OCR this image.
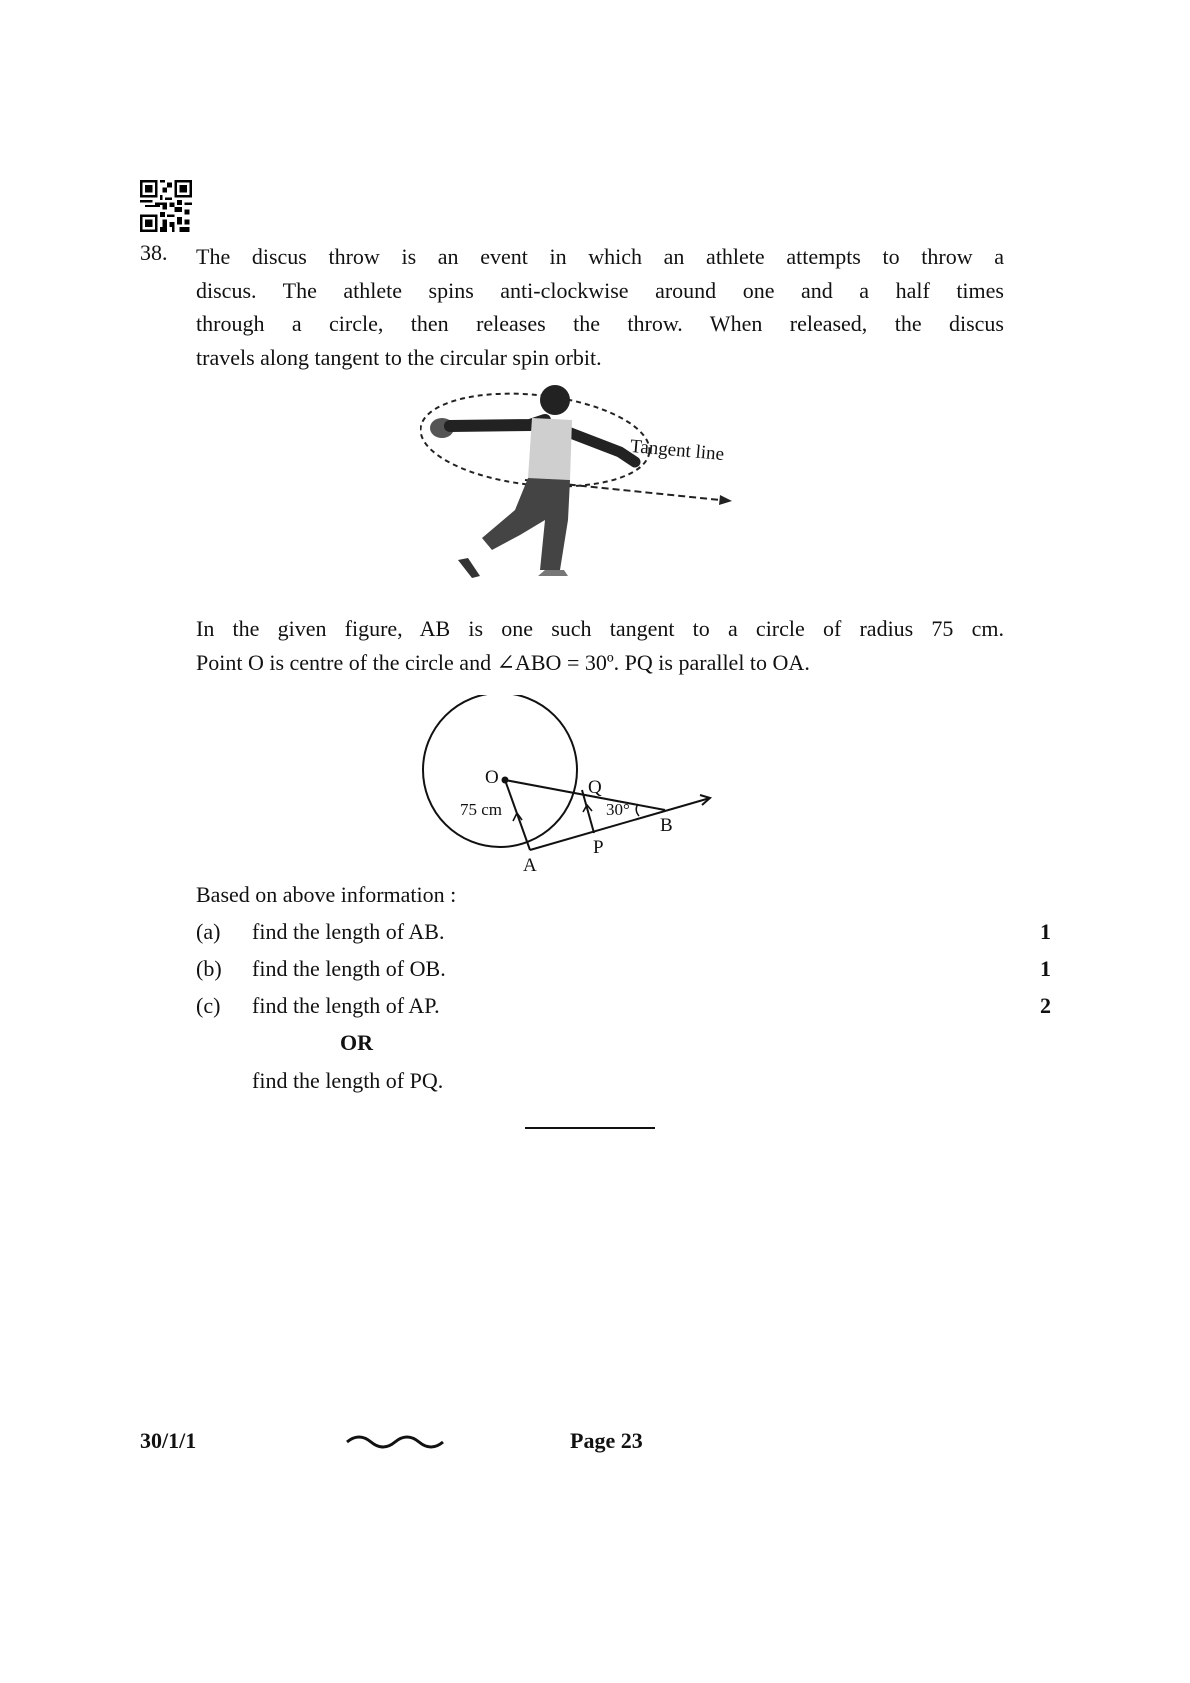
38. The discus throw is an event in which an athlete attempts to throw a
discus. The athlete spins anti-clockwise around one and a half times
through a circle, then releases the throw. When released, the discus
travels along tangent to the circular spin orbit.
Tangent line
In the given figure, AB is one such tangent to a circle of radius 75 cm.
Point O is centre of the circle and ∠ABO = 30º. PQ is parallel to OA.
O	Q
75 cm	30°
B
P
A
Based on above information :
(a) find the length of AB.	1
(b) find the length of OB.	1
(c) find the length of AP.	2
OR
find the length of PQ.
30/1/1	Page 23
